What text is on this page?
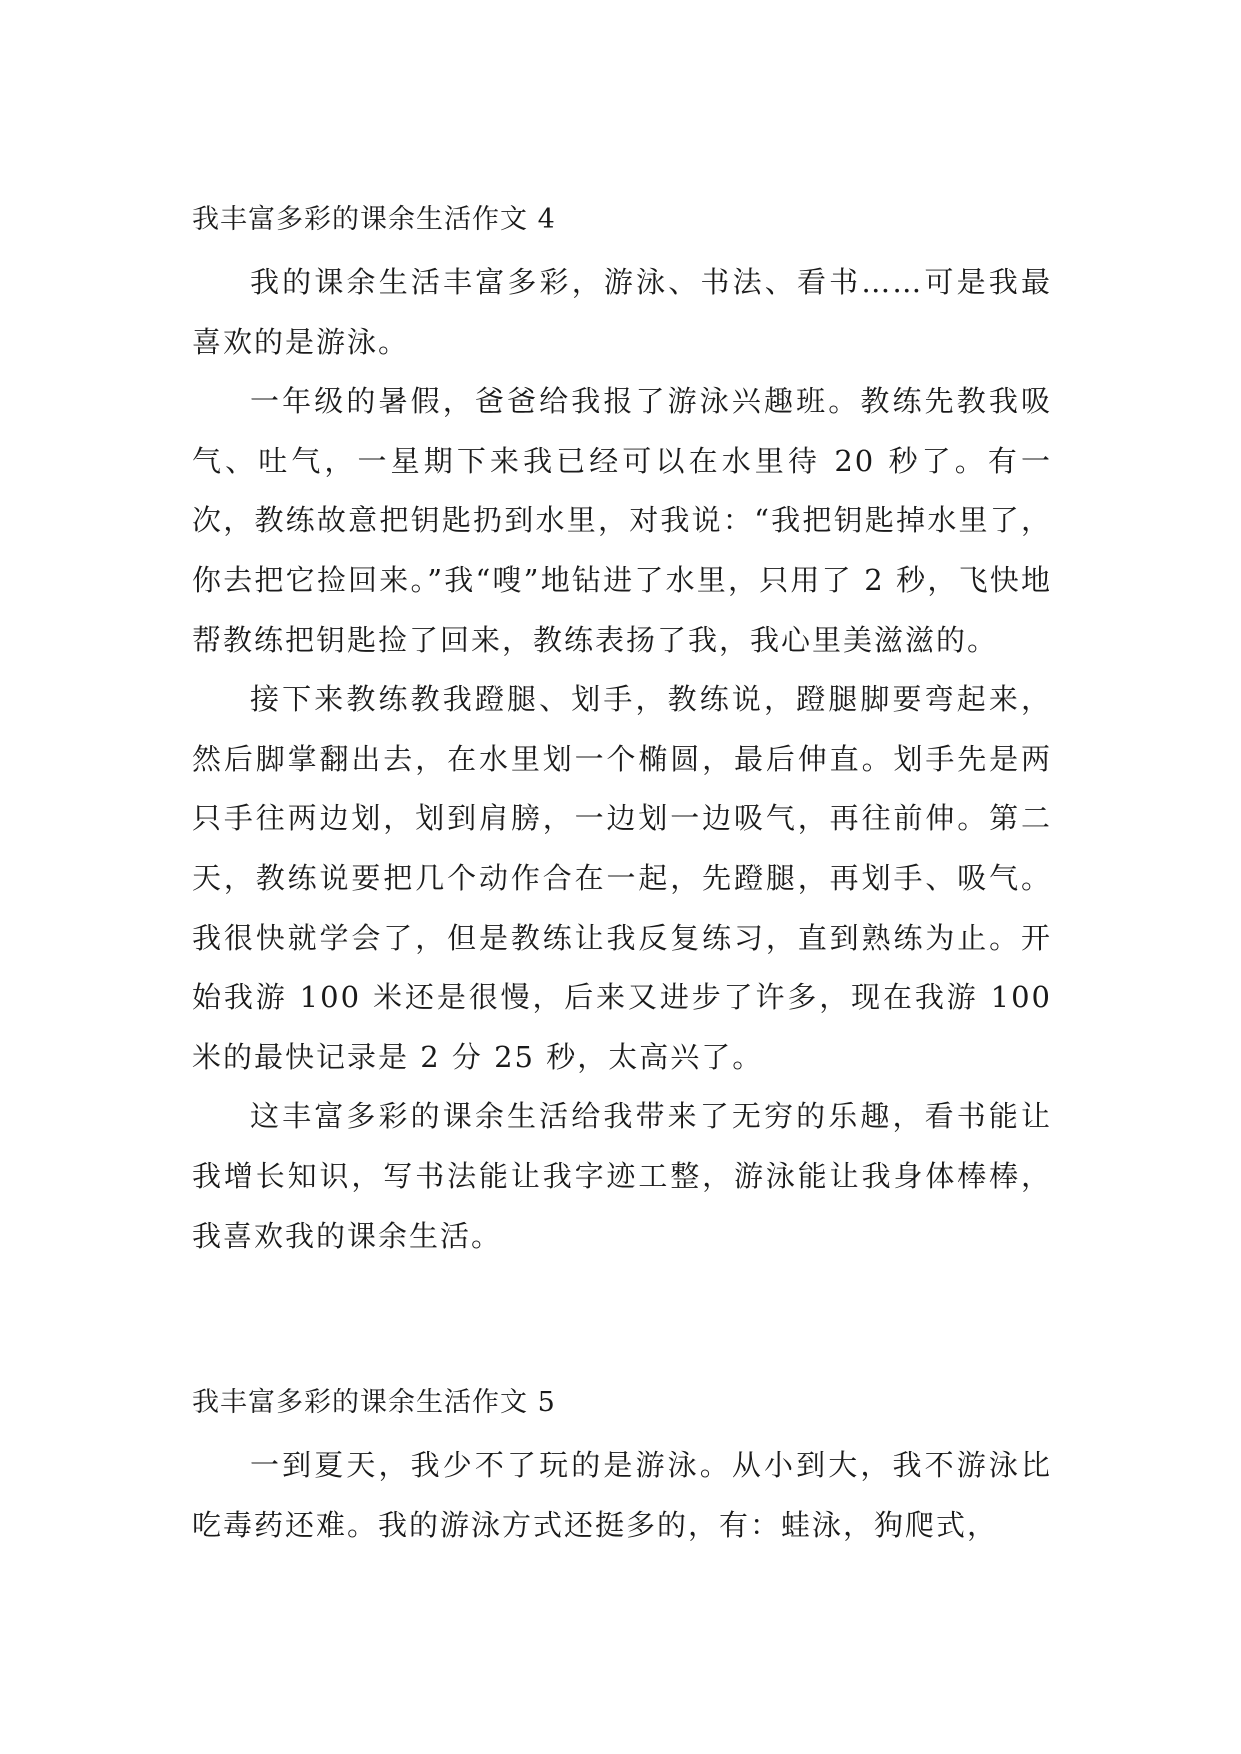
我丰富多彩的课余生活作文 4

我的课余生活丰富多彩，游泳、书法、看书……可是我最喜欢的是游泳。

一年级的暑假，爸爸给我报了游泳兴趣班。教练先教我吸气、吐气，一星期下来我已经可以在水里待 20 秒了。有一次，教练故意把钥匙扔到水里，对我说：“我把钥匙掉水里了，你去把它捡回来。”我“嗖”地钻进了水里，只用了 2 秒，飞快地帮教练把钥匙捡了回来，教练表扬了我，我心里美滋滋的。

接下来教练教我蹬腿、划手，教练说，蹬腿脚要弯起来，然后脚掌翻出去，在水里划一个椭圆，最后伸直。划手先是两只手往两边划，划到肩膀，一边划一边吸气，再往前伸。第二天，教练说要把几个动作合在一起，先蹬腿，再划手、吸气。我很快就学会了，但是教练让我反复练习，直到熟练为止。开始我游 100 米还是很慢，后来又进步了许多，现在我游 100 米的最快记录是 2 分 25 秒，太高兴了。

这丰富多彩的课余生活给我带来了无穷的乐趣，看书能让我增长知识，写书法能让我字迹工整，游泳能让我身体棒棒，我喜欢我的课余生活。

我丰富多彩的课余生活作文 5

一到夏天，我少不了玩的是游泳。从小到大，我不游泳比吃毒药还难。我的游泳方式还挺多的，有：蛙泳，狗爬式，
